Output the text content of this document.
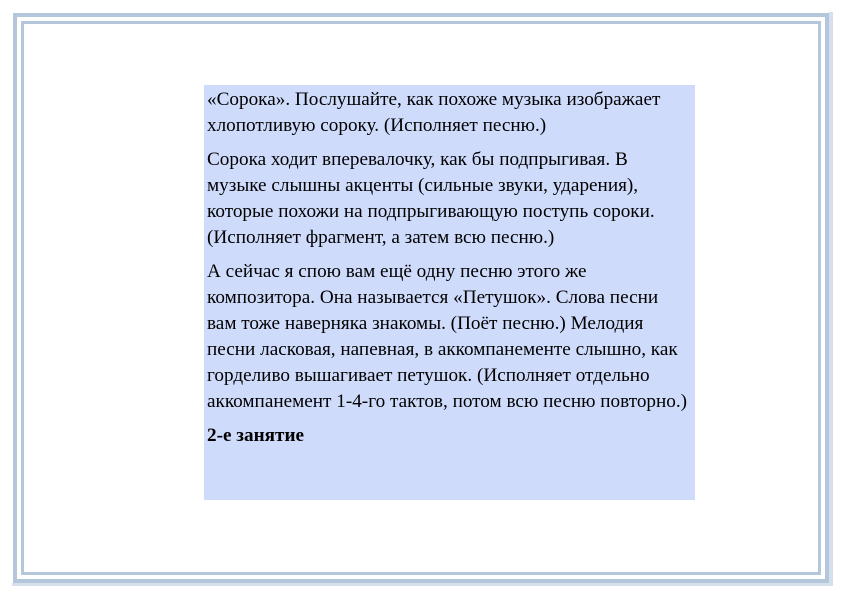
«Сорока». Послушайте, как похоже музыка изображает хлопотливую сороку. (Исполняет песню.)

Сорока ходит вперевалочку, как бы подпрыгивая. В музыке слышны акценты (сильные звуки, ударения), которые похожи на подпрыгивающую поступь сороки. (Исполняет фрагмент, а затем всю песню.)

А сейчас я спою вам ещё одну песню этого же композитора. Она называется «Петушок». Слова песни вам тоже наверняка знакомы. (Поёт песню.) Мелодия песни ласковая, напевная, в аккомпанементе слышно, как горделиво вышагивает петушок. (Исполняет отдельно аккомпанемент 1-4-го тактов, потом всю песню повторно.)

2-е занятие
